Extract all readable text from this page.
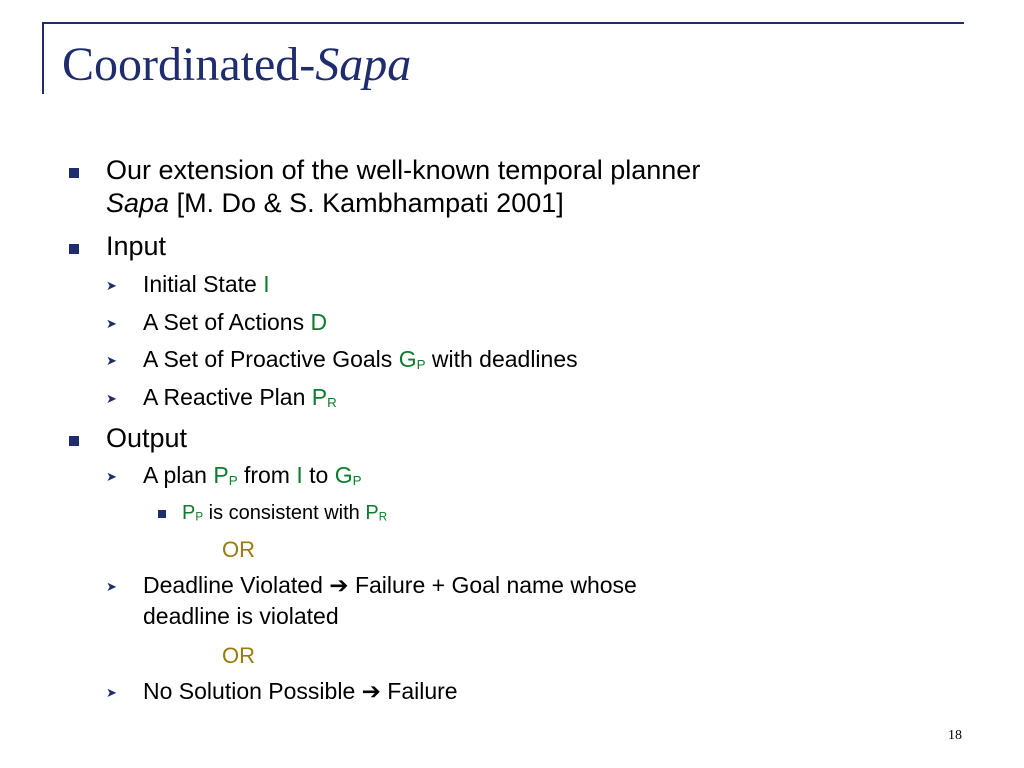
Coordinated-Sapa
Our extension of the well-known temporal planner
Sapa [M. Do & S. Kambhampati 2001]
Input
➤ Initial State I
➤ A Set of Actions D
➤ A Set of Proactive Goals $G_P$ with deadlines
➤ A Reactive Plan $P_R$
Output
➤ A plan $P_P$ from I to $G_P$
$P_P$ is consistent with $P_R$
OR
➤ Deadline Violated ➔ Failure + Goal name whose
deadline is violated
OR
➤ No Solution Possible ➔ Failure
18
